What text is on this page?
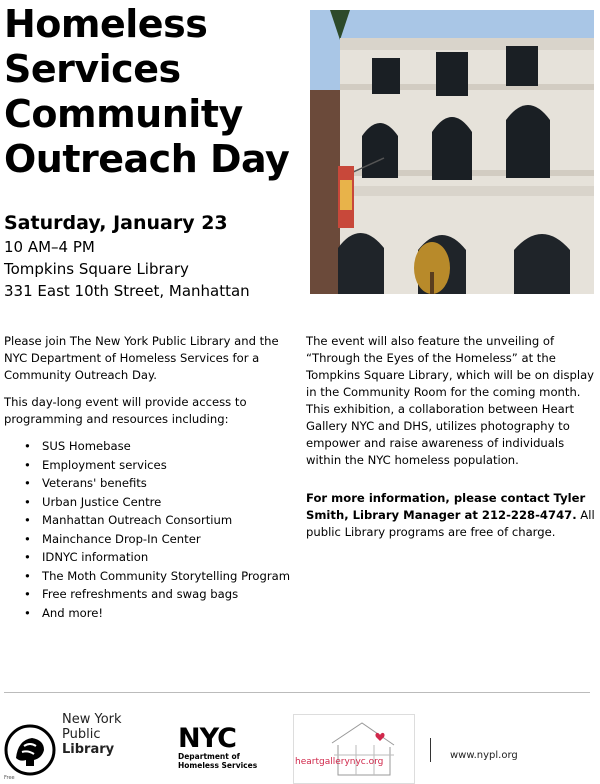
Homeless
Services
Community
Outreach Day
Saturday, January 23
10 AM–4 PM
Tompkins Square Library
331 East 10th Street, Manhattan

Please join The New York Public Library and the NYC Department of Homeless Services for a Community Outreach Day.

This day-long event will provide access to programming and resources including:

• SUS Homebase
• Employment services
• Veterans' benefits
• Urban Justice Centre
• Manhattan Outreach Consortium
• Mainchance Drop-In Center
• IDNYC information
• The Moth Community Storytelling Program
• Free refreshments and swag bags
• And more!

The event will also feature the unveiling of “Through the Eyes of the Homeless” at the Tompkins Square Library, which will be on display in the Community Room for the coming month. This exhibition, a collaboration between Heart Gallery NYC and DHS, utilizes photography to empower and raise awareness of individuals within the NYC homeless population.

For more information, please contact Tyler Smith, Library Manager at 212-228-4747. All public Library programs are free of charge.

New York
Public
Library
Free
NYC
Department of
Homeless Services	heartgallerynyc.org
www.nypl.org
